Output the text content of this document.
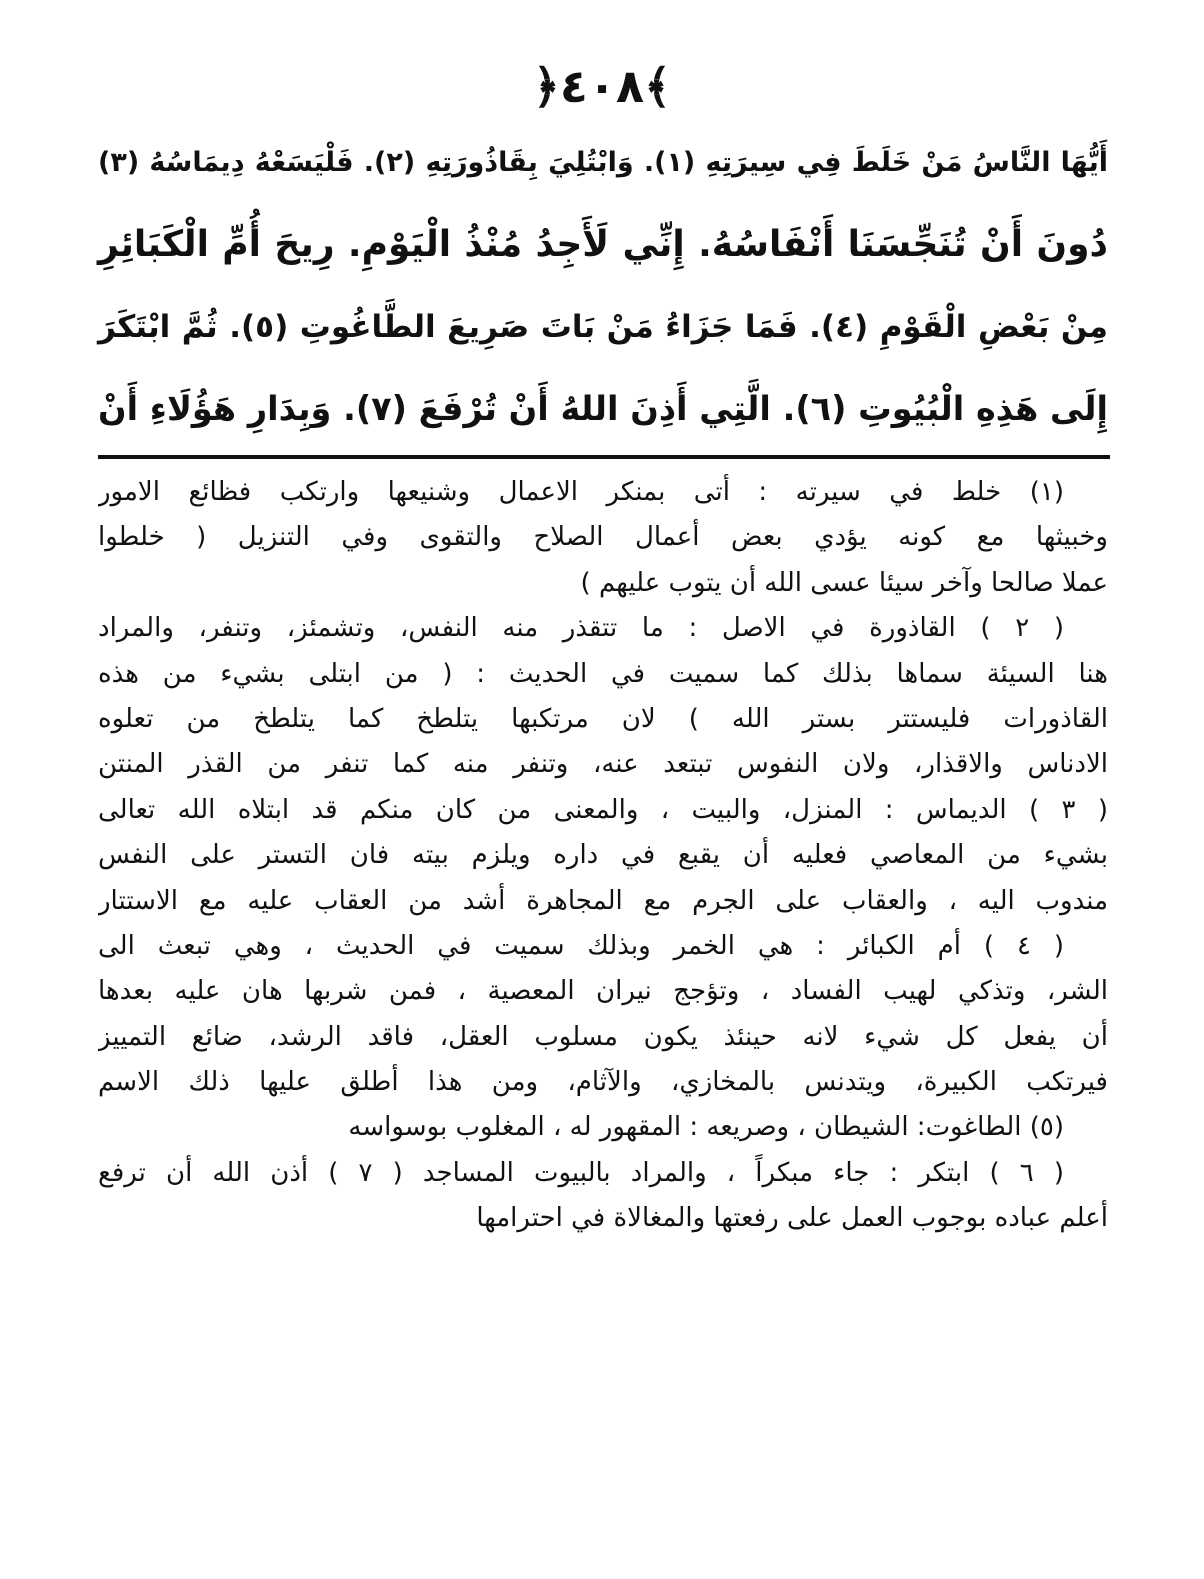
﴿٤٠٨﴾
أَيُّهَا النَّاسُ مَنْ خَلَطَ فِي سِيرَتِهِ (١). وَابْتُلِيَ بِقَاذُورَتِهِ (٢). فَلْيَسَعْهُ دِيمَاسُهُ (٣)
دُونَ أَنْ تُنَجِّسَنَا أَنْفَاسُهُ. إِنِّي لَأَجِدُ مُنْذُ الْيَوْمِ. رِيحَ أُمِّ الْكَبَائِرِ
مِنْ بَعْضِ الْقَوْمِ (٤). فَمَا جَزَاءُ مَنْ بَاتَ صَرِيعَ الطَّاغُوتِ (٥). ثُمَّ ابْتَكَرَ
إِلَى هَذِهِ الْبُيُوتِ (٦). الَّتِي أَذِنَ اللهُ أَنْ تُرْفَعَ (٧). وَبِدَارِ هَؤُلَاءِ أَنْ
(١) خلط في سيرته : أتى بمنكر الاعمال وشنيعها وارتكب فظائع الامور
وخبيثها مع كونه يؤدي بعض أعمال الصلاح والتقوى وفي التنزيل ( خلطوا
عملا صالحا وآخر سيئا عسى الله أن يتوب عليهم )
( ٢ ) القاذورة في الاصل : ما تتقذر منه النفس، وتشمئز، وتنفر، والمراد
هنا السيئة سماها بذلك كما سميت في الحديث : ( من ابتلى بشيء من هذه
القاذورات فليستتر بستر الله ) لان مرتكبها يتلطخ كما يتلطخ من تعلوه
الادناس والاقذار، ولان النفوس تبتعد عنه، وتنفر منه كما تنفر من القذر المنتن
( ٣ ) الديماس : المنزل، والبيت ، والمعنى من كان منكم قد ابتلاه الله تعالى
بشيء من المعاصي فعليه أن يقبع في داره ويلزم بيته فان التستر على النفس
مندوب اليه ، والعقاب على الجرم مع المجاهرة أشد من العقاب عليه مع الاستتار
( ٤ ) أم الكبائر : هي الخمر وبذلك سميت في الحديث ، وهي تبعث الى
الشر، وتذكي لهيب الفساد ، وتؤجج نيران المعصية ، فمن شربها هان عليه بعدها
أن يفعل كل شيء لانه حينئذ يكون مسلوب العقل، فاقد الرشد، ضائع التمييز
فيرتكب الكبيرة، ويتدنس بالمخازي، والآثام، ومن هذا أطلق عليها ذلك الاسم
(٥) الطاغوت: الشيطان ، وصريعه : المقهور له ، المغلوب بوسواسه
( ٦ ) ابتكر : جاء مبكراً ، والمراد بالبيوت المساجد ( ٧ ) أذن الله أن ترفع
أعلم عباده بوجوب العمل على رفعتها والمغالاة في احترامها
